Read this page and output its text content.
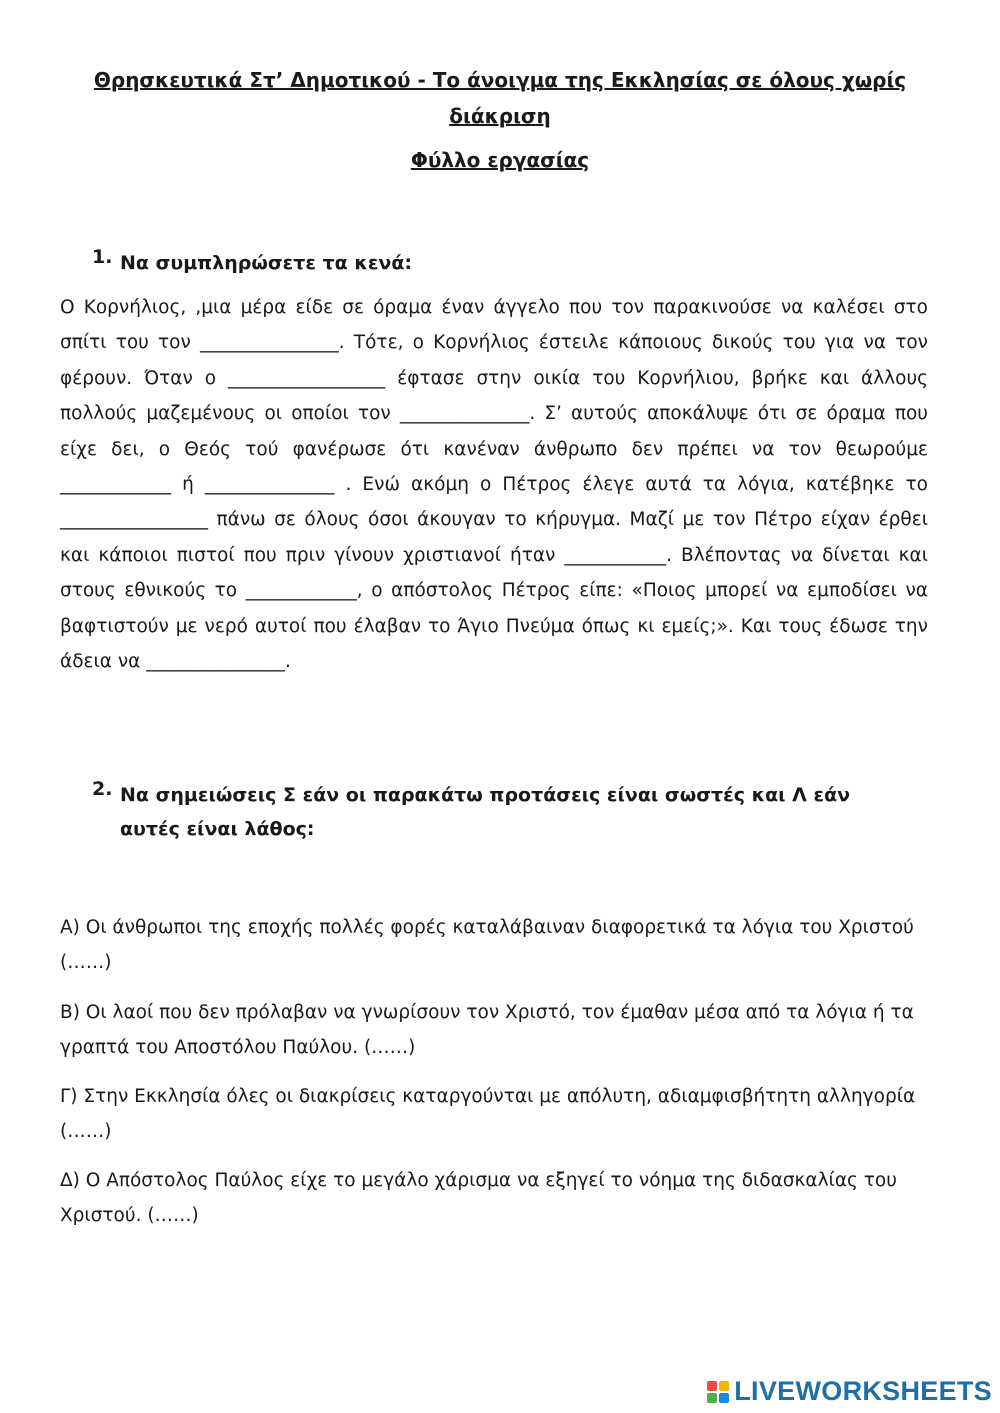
Θρησκευτικά Στ’ Δημοτικού - Το άνοιγμα της Εκκλησίας σε όλους χωρίς διάκριση
Φύλλο εργασίας
1. Να συμπληρώσετε τα κενά:
Ο Κορνήλιος, ,μια μέρα είδε σε όραμα έναν άγγελο που τον παρακινούσε να καλέσει στο σπίτι του τον _______________. Τότε, ο Κορνήλιος έστειλε κάποιους δικούς του για να τον φέρουν. Όταν ο _________________ έφτασε στην οικία του Κορνήλιου, βρήκε και άλλους πολλούς μαζεμένους οι οποίοι τον ______________. Σ’ αυτούς αποκάλυψε ότι σε όραμα που είχε δει, ο Θεός τού φανέρωσε ότι κανέναν άνθρωπο δεν πρέπει να τον θεωρούμε ____________ ή ______________ . Ενώ ακόμη ο Πέτρος έλεγε αυτά τα λόγια, κατέβηκε το ________________ πάνω σε όλους όσοι άκουγαν το κήρυγμα. Μαζί με τον Πέτρο είχαν έρθει και κάποιοι πιστοί που πριν γίνουν χριστιανοί ήταν ___________. Βλέποντας να δίνεται και στους εθνικούς το ____________, ο απόστολος Πέτρος είπε: «Ποιος μπορεί να εμποδίσει να βαφτιστούν με νερό αυτοί που έλαβαν το Άγιο Πνεύμα όπως κι εμείς;». Και τους έδωσε την άδεια να _______________.
2. Να σημειώσεις Σ εάν οι παρακάτω προτάσεις είναι σωστές και Λ εάν αυτές είναι λάθος:
Α) Οι άνθρωποι της εποχής πολλές φορές καταλάβαιναν διαφορετικά τα λόγια του Χριστού (……)
Β) Οι λαοί που δεν πρόλαβαν να γνωρίσουν τον Χριστό, τον έμαθαν μέσα από τα λόγια ή τα γραπτά του Αποστόλου Παύλου. (……)
Γ) Στην Εκκλησία όλες οι διακρίσεις καταργούνται με απόλυτη, αδιαμφισβήτητη αλληγορία (……)
Δ) Ο Απόστολος Παύλος είχε το μεγάλο χάρισμα να εξηγεί το νόημα της διδασκαλίας του Χριστού. (……)
LIVEWORKSHEETS
